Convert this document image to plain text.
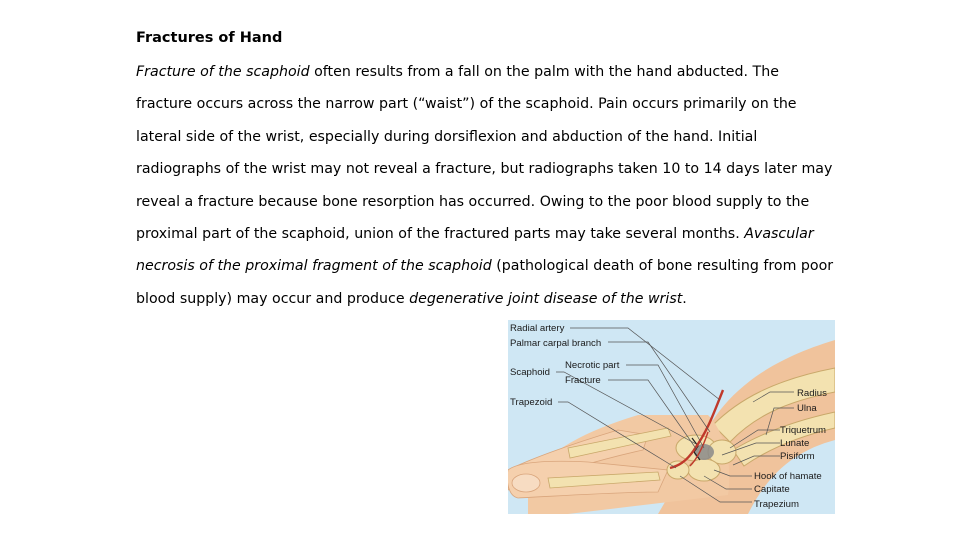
Fractures of Hand
Fracture of the scaphoid often results from a fall on the palm with the hand abducted. The fracture occurs across the narrow part (“waist”) of the scaphoid. Pain occurs primarily on the lateral side of the wrist, especially during dorsiflexion and abduction of the hand. Initial radiographs of the wrist may not reveal a fracture, but radiographs taken 10 to 14 days later may reveal a fracture because bone resorption has occurred. Owing to the poor blood supply to the proximal part of the scaphoid, union of the fractured parts may take several months. Avascular necrosis of the proximal fragment of the scaphoid (pathological death of bone resulting from poor blood supply) may occur and produce degenerative joint disease of the wrist.
Radial artery
Palmar carpal branch
Necrotic part
Scaphoid
Fracture
Trapezoid
Radius
Ulna
Triquetrum
Lunate
Pisiform
Hook of hamate
Capitate
Trapezium
